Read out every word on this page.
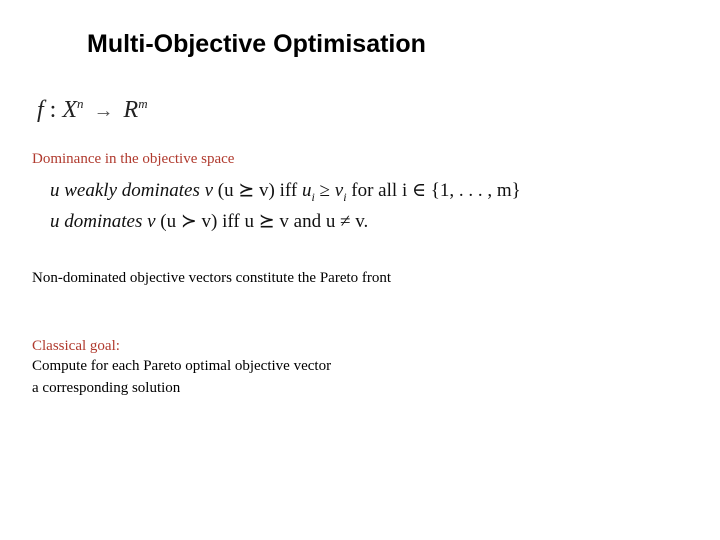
Multi-Objective Optimisation
f : $X^n \to R^m$
Dominance in the objective space
u weakly dominates v (u ⪰ v) iff $u_i \ge v_i$ for all i ∈ {1, . . . , m}
u dominates v (u ≻ v) iff u ⪰ v and u ≠ v.
Non-dominated objective vectors constitute the Pareto front
Classical goal:
Compute for each Pareto optimal objective vector
a corresponding solution
